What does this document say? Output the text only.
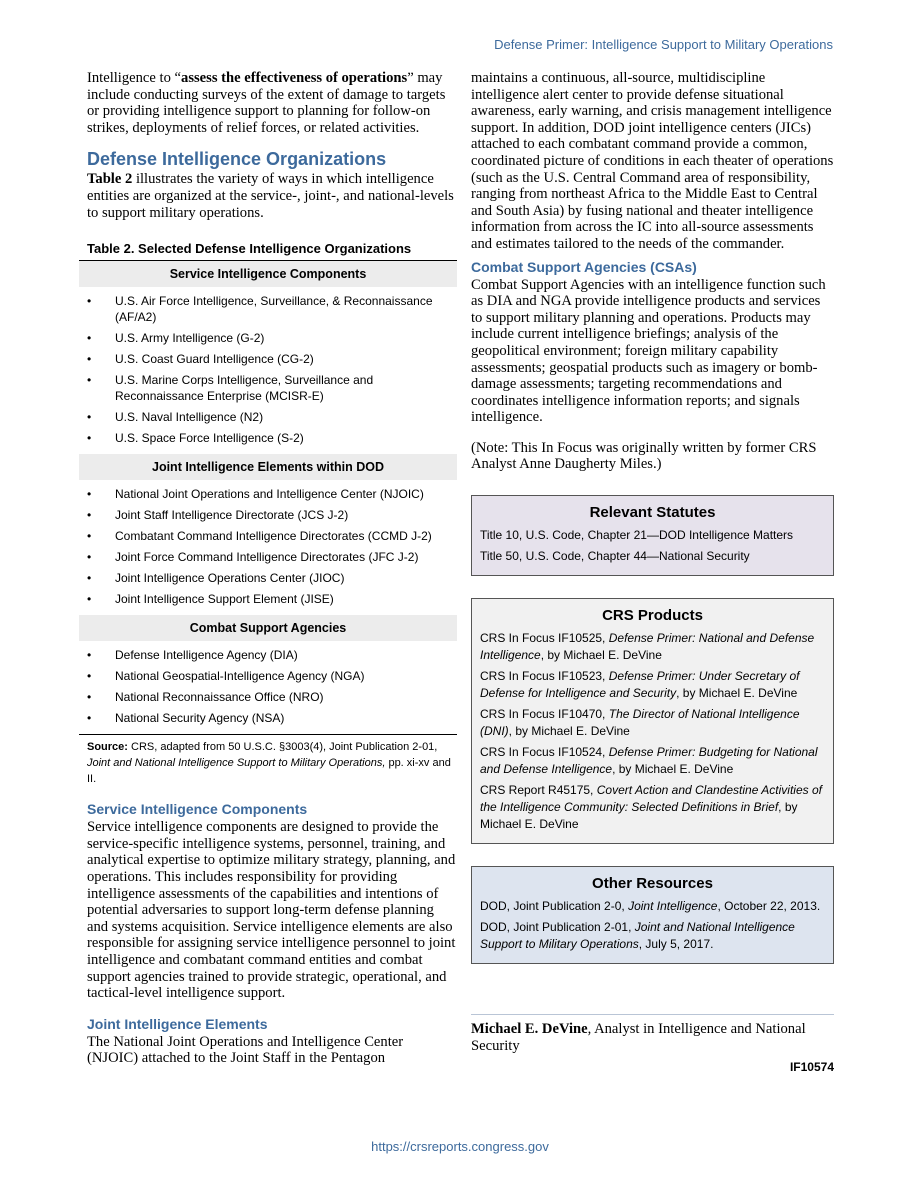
Defense Primer: Intelligence Support to Military Operations

Intelligence to “assess the effectiveness of operations” may include conducting surveys of the extent of damage to targets or providing intelligence support to planning for follow-on strikes, deployments of relief forces, or related activities.

Defense Intelligence Organizations

Table 2 illustrates the variety of ways in which intelligence entities are organized at the service-, joint-, and national-levels to support military operations.

Table 2. Selected Defense Intelligence Organizations
Service Intelligence Components
• U.S. Air Force Intelligence, Surveillance, & Reconnaissance (AF/A2)
• U.S. Army Intelligence (G-2)
• U.S. Coast Guard Intelligence (CG-2)
• U.S. Marine Corps Intelligence, Surveillance and Reconnaissance Enterprise (MCISR-E)
• U.S. Naval Intelligence (N2)
• U.S. Space Force Intelligence (S-2)
Joint Intelligence Elements within DOD
• National Joint Operations and Intelligence Center (NJOIC)
• Joint Staff Intelligence Directorate (JCS J-2)
• Combatant Command Intelligence Directorates (CCMD J-2)
• Joint Force Command Intelligence Directorates (JFC J-2)
• Joint Intelligence Operations Center (JIOC)
• Joint Intelligence Support Element (JISE)
Combat Support Agencies
• Defense Intelligence Agency (DIA)
• National Geospatial-Intelligence Agency (NGA)
• National Reconnaissance Office (NRO)
• National Security Agency (NSA)

Source: CRS, adapted from 50 U.S.C. §3003(4), Joint Publication 2-01, Joint and National Intelligence Support to Military Operations, pp. xi-xv and II.

Service Intelligence Components

Service intelligence components are designed to provide the service-specific intelligence systems, personnel, training, and analytical expertise to optimize military strategy, planning, and operations. This includes responsibility for providing intelligence assessments of the capabilities and intentions of potential adversaries to support long-term defense planning and systems acquisition. Service intelligence elements are also responsible for assigning service intelligence personnel to joint intelligence and combatant command entities and combat support agencies trained to provide strategic, operational, and tactical-level intelligence support.

Joint Intelligence Elements

The National Joint Operations and Intelligence Center (NJOIC) attached to the Joint Staff in the Pentagon

maintains a continuous, all-source, multidiscipline intelligence alert center to provide defense situational awareness, early warning, and crisis management intelligence support. In addition, DOD joint intelligence centers (JICs) attached to each combatant command provide a common, coordinated picture of conditions in each theater of operations (such as the U.S. Central Command area of responsibility, ranging from northeast Africa to the Middle East to Central and South Asia) by fusing national and theater intelligence information from across the IC into all-source assessments and estimates tailored to the needs of the commander.

Combat Support Agencies (CSAs)

Combat Support Agencies with an intelligence function such as DIA and NGA provide intelligence products and services to support military planning and operations. Products may include current intelligence briefings; analysis of the geopolitical environment; foreign military capability assessments; geospatial products such as imagery or bomb-damage assessments; targeting recommendations and coordinates intelligence information reports; and signals intelligence.

(Note: This In Focus was originally written by former CRS Analyst Anne Daugherty Miles.)

Relevant Statutes

Title 10, U.S. Code, Chapter 21—DOD Intelligence Matters

Title 50, U.S. Code, Chapter 44—National Security

CRS Products

CRS In Focus IF10525, Defense Primer: National and Defense Intelligence, by Michael E. DeVine

CRS In Focus IF10523, Defense Primer: Under Secretary of Defense for Intelligence and Security, by Michael E. DeVine

CRS In Focus IF10470, The Director of National Intelligence (DNI), by Michael E. DeVine

CRS In Focus IF10524, Defense Primer: Budgeting for National and Defense Intelligence, by Michael E. DeVine

CRS Report R45175, Covert Action and Clandestine Activities of the Intelligence Community: Selected Definitions in Brief, by Michael E. DeVine

Other Resources

DOD, Joint Publication 2-0, Joint Intelligence, October 22, 2013.

DOD, Joint Publication 2-01, Joint and National Intelligence Support to Military Operations, July 5, 2017.

Michael E. DeVine, Analyst in Intelligence and National Security

IF10574
https://crsreports.congress.gov
